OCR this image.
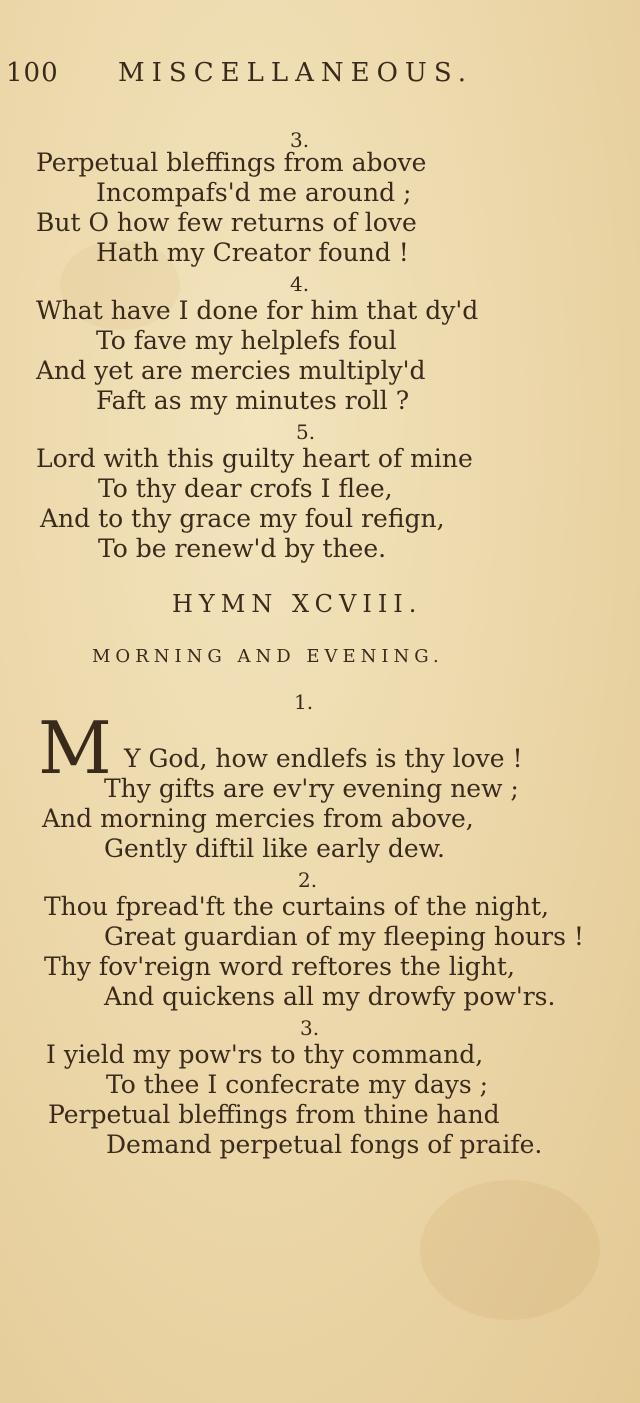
100 MISCELLANEOUS.
3.
Perpetual bleffings from above
Incompafs'd me around ;
But O how few returns of love
Hath my Creator found !
4.
What have I done for him that dy'd
To fave my helplefs foul
And yet are mercies multiply'd
Faft as my minutes roll ?
5.
Lord with this guilty heart of mine
To thy dear crofs I flee,
And to thy grace my foul refign,
To be renew'd by thee.
HYMN XCVIII.
MORNING AND EVENING.
1.
M Y God, how endlefs is thy love !
Thy gifts are ev'ry evening new ;
And morning mercies from above,
Gently diftil like early dew.
2.
Thou fpread'ft the curtains of the night,
Great guardian of my fleeping hours !
Thy fov'reign word reftores the light,
And quickens all my drowfy pow'rs.
3.
I yield my pow'rs to thy command,
To thee I confecrate my days ;
Perpetual bleffings from thine hand
Demand perpetual fongs of praife.
